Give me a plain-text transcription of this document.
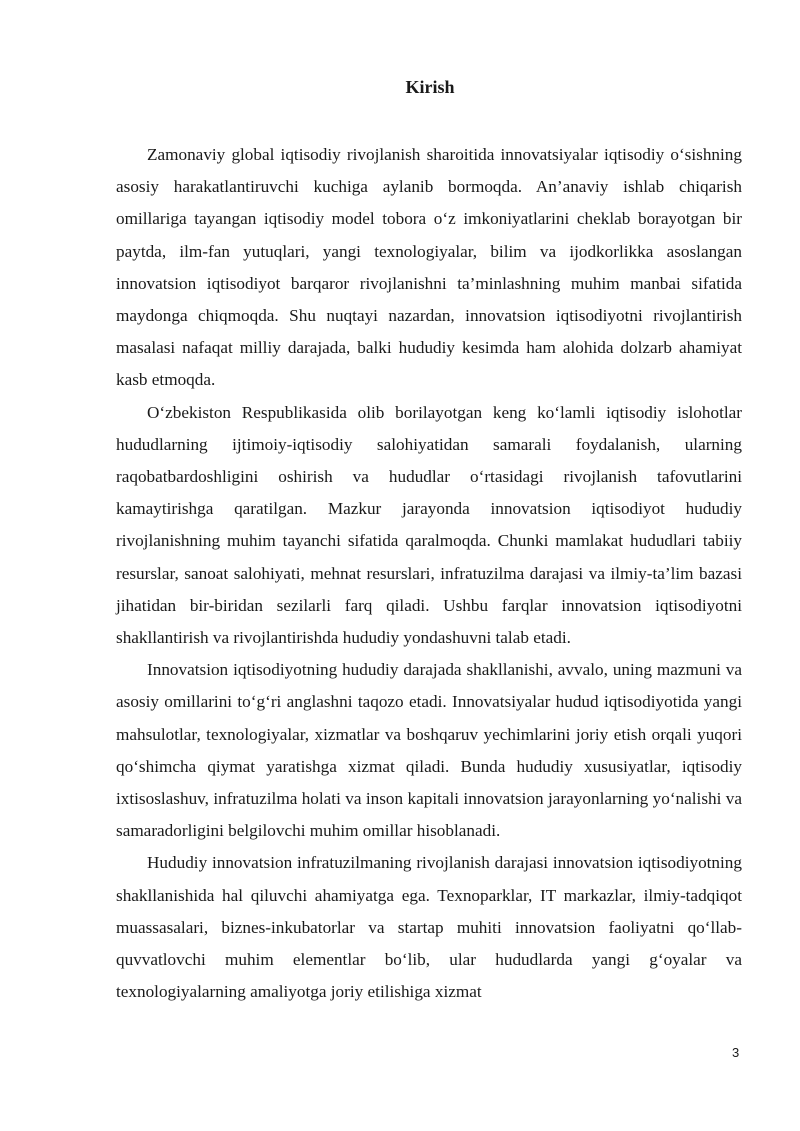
Kirish

Zamonaviy global iqtisodiy rivojlanish sharoitida innovatsiyalar iqtisodiy o‘sishning asosiy harakatlantiruvchi kuchiga aylanib bormoqda. An’anaviy ishlab chiqarish omillariga tayangan iqtisodiy model tobora o‘z imkoniyatlarini cheklab borayotgan bir paytda, ilm-fan yutuqlari, yangi texnologiyalar, bilim va ijodkorlikka asoslangan innovatsion iqtisodiyot barqaror rivojlanishni ta’minlashning muhim manbai sifatida maydonga chiqmoqda. Shu nuqtayi nazardan, innovatsion iqtisodiyotni rivojlantirish masalasi nafaqat milliy darajada, balki hududiy kesimda ham alohida dolzarb ahamiyat kasb etmoqda.

O‘zbekiston Respublikasida olib borilayotgan keng ko‘lamli iqtisodiy islohotlar hududlarning ijtimoiy-iqtisodiy salohiyatidan samarali foydalanish, ularning raqobatbardoshligini oshirish va hududlar o‘rtasidagi rivojlanish tafovutlarini kamaytirishga qaratilgan. Mazkur jarayonda innovatsion iqtisodiyot hududiy rivojlanishning muhim tayanchi sifatida qaralmoqda. Chunki mamlakat hududlari tabiiy resurslar, sanoat salohiyati, mehnat resurslari, infratuzilma darajasi va ilmiy-ta’lim bazasi jihatidan bir-biridan sezilarli farq qiladi. Ushbu farqlar innovatsion iqtisodiyotni shakllantirish va rivojlantirishda hududiy yondashuvni talab etadi.

Innovatsion iqtisodiyotning hududiy darajada shakllanishi, avvalo, uning mazmuni va asosiy omillarini to‘g‘ri anglashni taqozo etadi. Innovatsiyalar hudud iqtisodiyotida yangi mahsulotlar, texnologiyalar, xizmatlar va boshqaruv yechimlarini joriy etish orqali yuqori qo‘shimcha qiymat yaratishga xizmat qiladi. Bunda hududiy xususiyatlar, iqtisodiy ixtisoslashuv, infratuzilma holati va inson kapitali innovatsion jarayonlarning yo‘nalishi va samaradorligini belgilovchi muhim omillar hisoblanadi.

Hududiy innovatsion infratuzilmaning rivojlanish darajasi innovatsion iqtisodiyotning shakllanishida hal qiluvchi ahamiyatga ega. Texnoparklar, IT markazlar, ilmiy-tadqiqot muassasalari, biznes-inkubatorlar va startap muhiti innovatsion faoliyatni qo‘llab-quvvatlovchi muhim elementlar bo‘lib, ular hududlarda yangi g‘oyalar va texnologiyalarning amaliyotga joriy etilishiga xizmat

3
